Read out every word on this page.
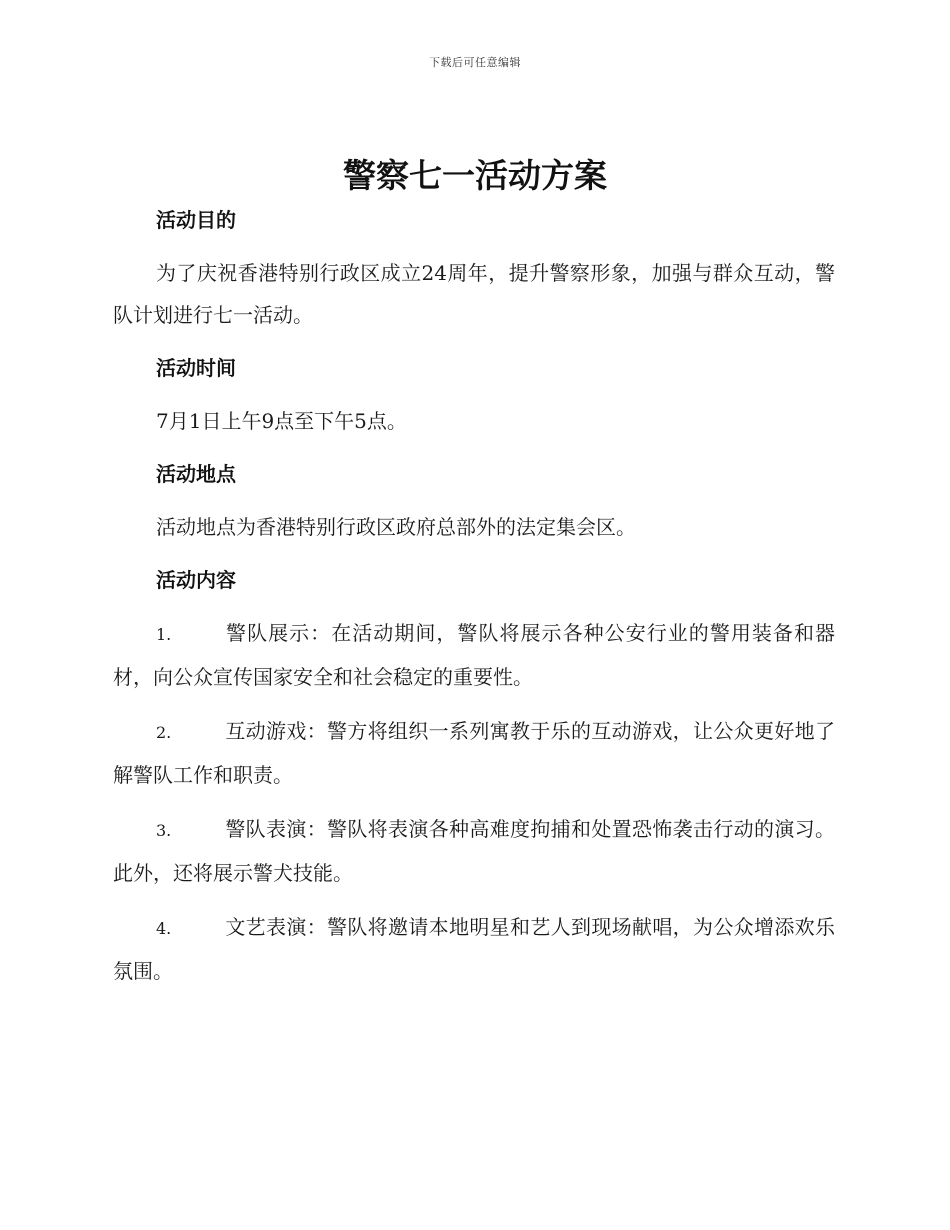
下载后可任意编辑
警察七一活动方案
活动目的

为了庆祝香港特别行政区成立24周年，提升警察形象，加强与群众互动，警队计划进行七一活动。

活动时间

7月1日上午9点至下午5点。

活动地点

活动地点为香港特别行政区政府总部外的法定集会区。

活动内容

1.	警队展示：在活动期间，警队将展示各种公安行业的警用装备和器材，向公众宣传国家安全和社会稳定的重要性。

2.	互动游戏：警方将组织一系列寓教于乐的互动游戏，让公众更好地了解警队工作和职责。

3.	警队表演：警队将表演各种高难度拘捕和处置恐怖袭击行动的演习。此外，还将展示警犬技能。

4.	文艺表演：警队将邀请本地明星和艺人到现场献唱，为公众增添欢乐氛围。
